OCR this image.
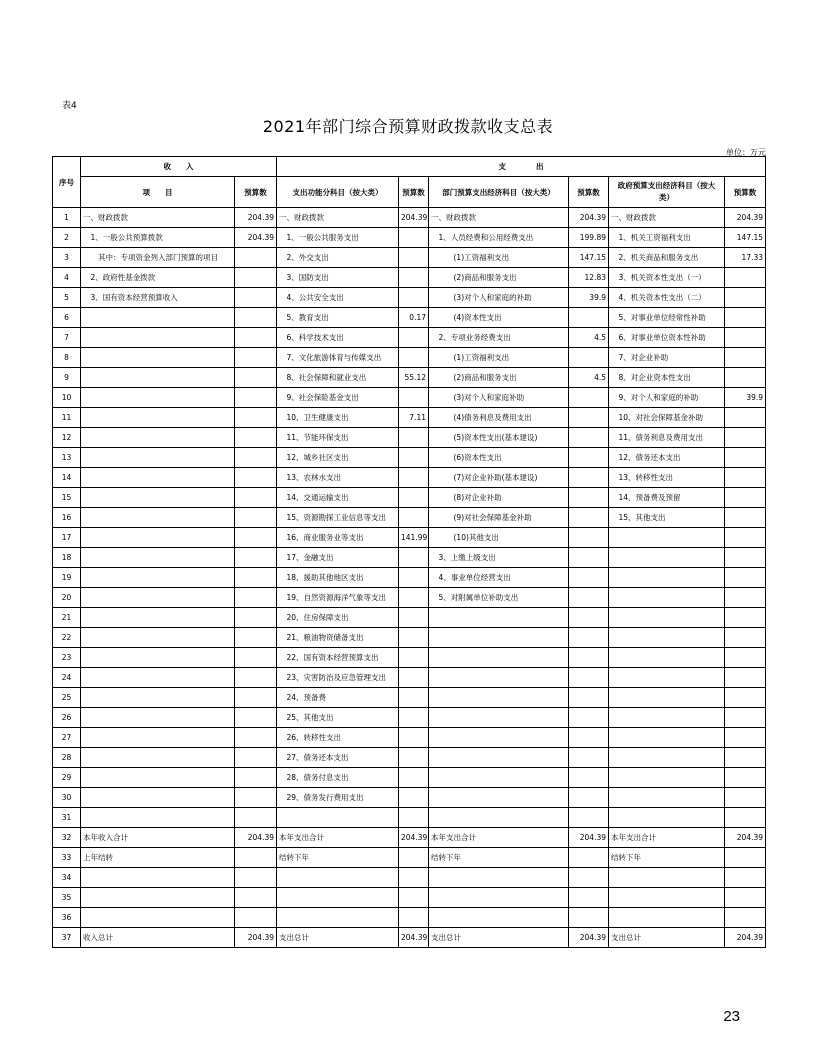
表4
2021年部门综合预算财政拨款收支总表
单位：万元
序号	收　　入		支　　　　出					
	项　　目	预算数	支出功能分科目（按大类）	预算数	部门预算支出经济科目（按大类）	预算数	政府预算支出经济科目（按大
类）	预算数
1	一、财政拨款	204.39	一、财政拨款	204.39	一、财政拨款	204.39	一、财政拨款	204.39
2	　1、一般公共预算拨款	204.39	　1、一般公共服务支出		　1、人员经费和公用经费支出	199.89	　1、机关工资福利支出	147.15
3	　　其中：专项资金列入部门预算的项目		　2、外交支出		　　　(1)工资福利支出	147.15	　2、机关商品和服务支出	17.33
4	　2、政府性基金拨款		　3、国防支出		　　　(2)商品和服务支出	12.83	　3、机关资本性支出（一）	
5	　3、国有资本经营预算收入		　4、公共安全支出		　　　(3)对个人和家庭的补助	39.9	　4、机关资本性支出（二）	
6			　5、教育支出	0.17	　　　(4)资本性支出		　5、对事业单位经常性补助	
7			　6、科学技术支出		　2、专项业务经费支出	4.5	　6、对事业单位资本性补助	
8			　7、文化旅游体育与传媒支出		　　　(1)工资福利支出		　7、对企业补助	
9			　8、社会保障和就业支出	55.12	　　　(2)商品和服务支出	4.5	　8、对企业资本性支出	
10			　9、社会保险基金支出		　　　(3)对个人和家庭补助		　9、对个人和家庭的补助	39.9
11			　10、卫生健康支出	7.11	　　　(4)债务利息及费用支出		　10、对社会保障基金补助	
12			　11、节能环保支出		　　　(5)资本性支出(基本建设)		　11、债务利息及费用支出	
13			　12、城乡社区支出		　　　(6)资本性支出		　12、债务还本支出	
14			　13、农林水支出		　　　(7)对企业补助(基本建设)		　13、转移性支出	
15			　14、交通运输支出		　　　(8)对企业补助		　14、预备费及预留	
16			　15、资源勘探工业信息等支出		　　　(9)对社会保障基金补助		　15、其他支出	
17			　16、商业服务业等支出	141.99	　　　(10)其他支出			
18			　17、金融支出		　3、上缴上级支出			
19			　18、援助其他地区支出		　4、事业单位经营支出			
20			　19、自然资源海洋气象等支出		　5、对附属单位补助支出			
21			　20、住房保障支出					
22			　21、粮油物资储备支出					
23			　22、国有资本经营预算支出					
24			　23、灾害防治及应急管理支出					
25			　24、预备费					
26			　25、其他支出					
27			　26、转移性支出					
28			　27、债务还本支出					
29			　28、债务付息支出					
30			　29、债务发行费用支出					
31								
32	本年收入合计	204.39	本年支出合计	204.39	本年支出合计	204.39	本年支出合计	204.39
33	上年结转		结转下年		结转下年		结转下年	
34								
35								
36								
37	收入总计	204.39	支出总计	204.39	支出总计	204.39	支出总计	204.39
23
